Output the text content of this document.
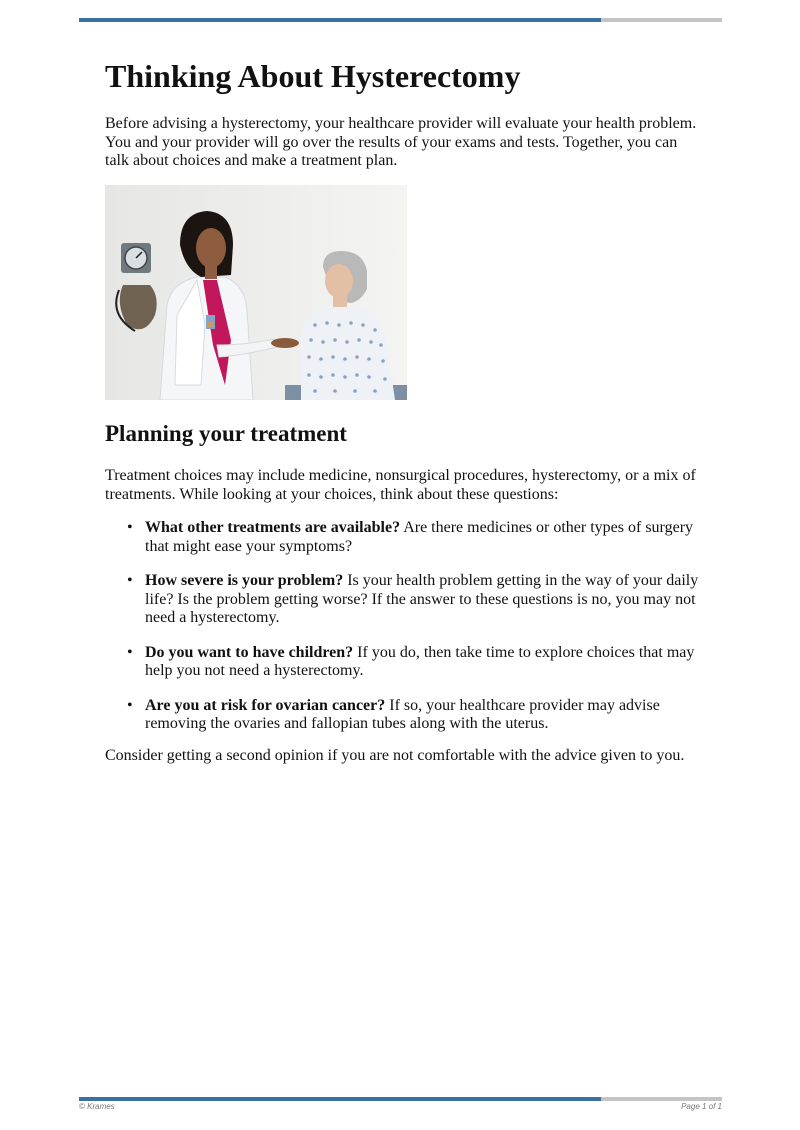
Thinking About Hysterectomy

Before advising a hysterectomy, your healthcare provider will evaluate your health problem. You and your provider will go over the results of your exams and tests. Together, you can talk about choices and make a treatment plan.

Planning your treatment

Treatment choices may include medicine, nonsurgical procedures, hysterectomy, or a mix of treatments. While looking at your choices, think about these questions:

• What other treatments are available? Are there medicines or other types of surgery that might ease your symptoms?
• How severe is your problem? Is your health problem getting in the way of your daily life? Is the problem getting worse? If the answer to these questions is no, you may not need a hysterectomy.
• Do you want to have children? If you do, then take time to explore choices that may help you not need a hysterectomy.
• Are you at risk for ovarian cancer? If so, your healthcare provider may advise removing the ovaries and fallopian tubes along with the uterus.

Consider getting a second opinion if you are not comfortable with the advice given to you.

© Krames	Page 1 of 1
